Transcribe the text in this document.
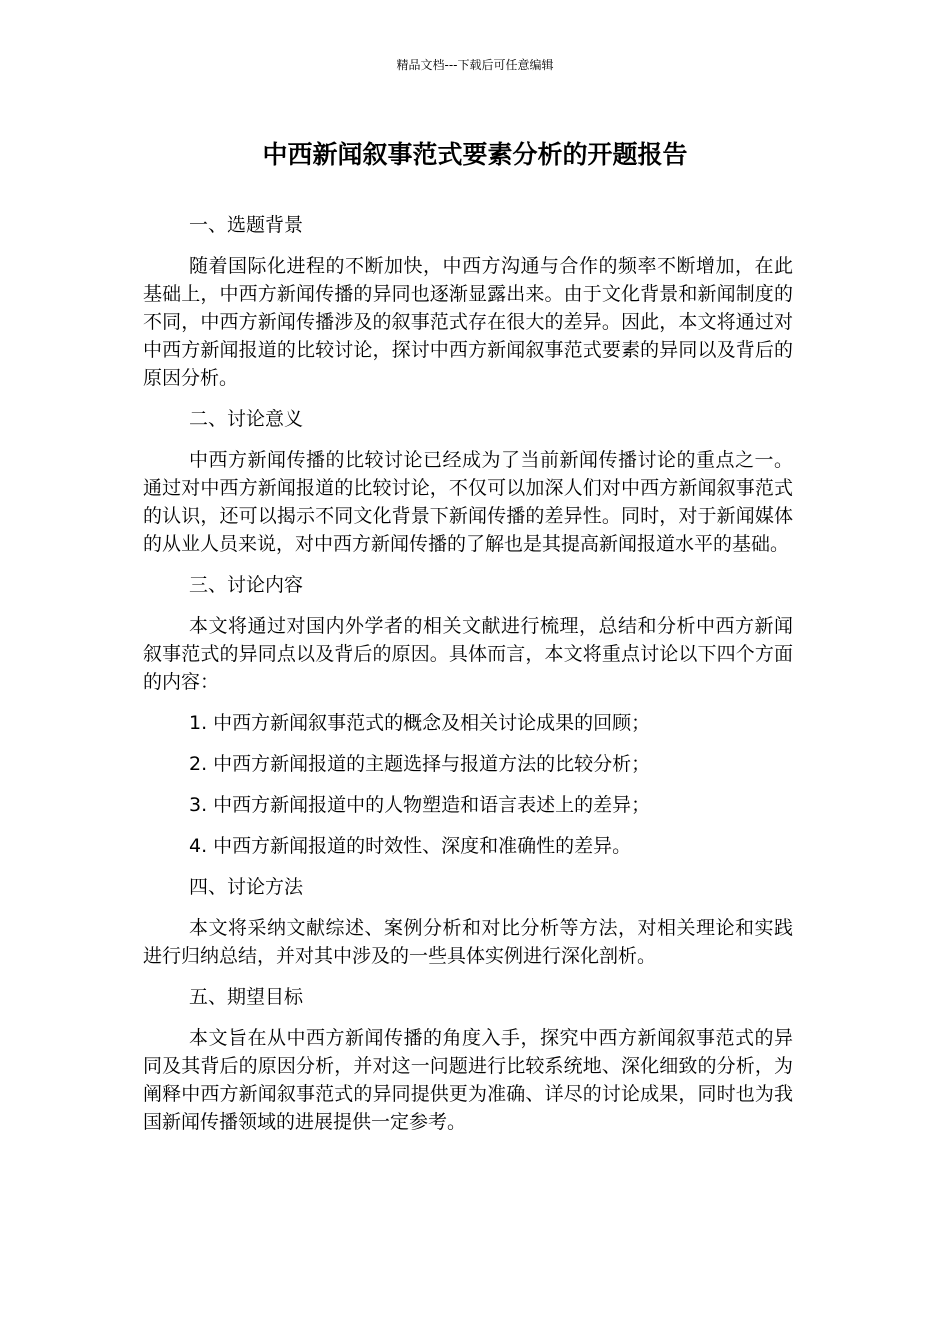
精品文档---下载后可任意编辑
中西新闻叙事范式要素分析的开题报告
一、选题背景

随着国际化进程的不断加快，中西方沟通与合作的频率不断增加，在此基础上，中西方新闻传播的异同也逐渐显露出来。由于文化背景和新闻制度的不同，中西方新闻传播涉及的叙事范式存在很大的差异。因此，本文将通过对中西方新闻报道的比较讨论，探讨中西方新闻叙事范式要素的异同以及背后的原因分析。

二、讨论意义

中西方新闻传播的比较讨论已经成为了当前新闻传播讨论的重点之一。通过对中西方新闻报道的比较讨论，不仅可以加深人们对中西方新闻叙事范式的认识，还可以揭示不同文化背景下新闻传播的差异性。同时，对于新闻媒体的从业人员来说，对中西方新闻传播的了解也是其提高新闻报道水平的基础。

三、讨论内容

本文将通过对国内外学者的相关文献进行梳理，总结和分析中西方新闻叙事范式的异同点以及背后的原因。具体而言，本文将重点讨论以下四个方面的内容：

1. 中西方新闻叙事范式的概念及相关讨论成果的回顾；

2. 中西方新闻报道的主题选择与报道方法的比较分析；

3. 中西方新闻报道中的人物塑造和语言表述上的差异；

4. 中西方新闻报道的时效性、深度和准确性的差异。

四、讨论方法

本文将采纳文献综述、案例分析和对比分析等方法，对相关理论和实践进行归纳总结，并对其中涉及的一些具体实例进行深化剖析。

五、期望目标

本文旨在从中西方新闻传播的角度入手，探究中西方新闻叙事范式的异同及其背后的原因分析，并对这一问题进行比较系统地、深化细致的分析，为阐释中西方新闻叙事范式的异同提供更为准确、详尽的讨论成果，同时也为我国新闻传播领域的进展提供一定参考。
